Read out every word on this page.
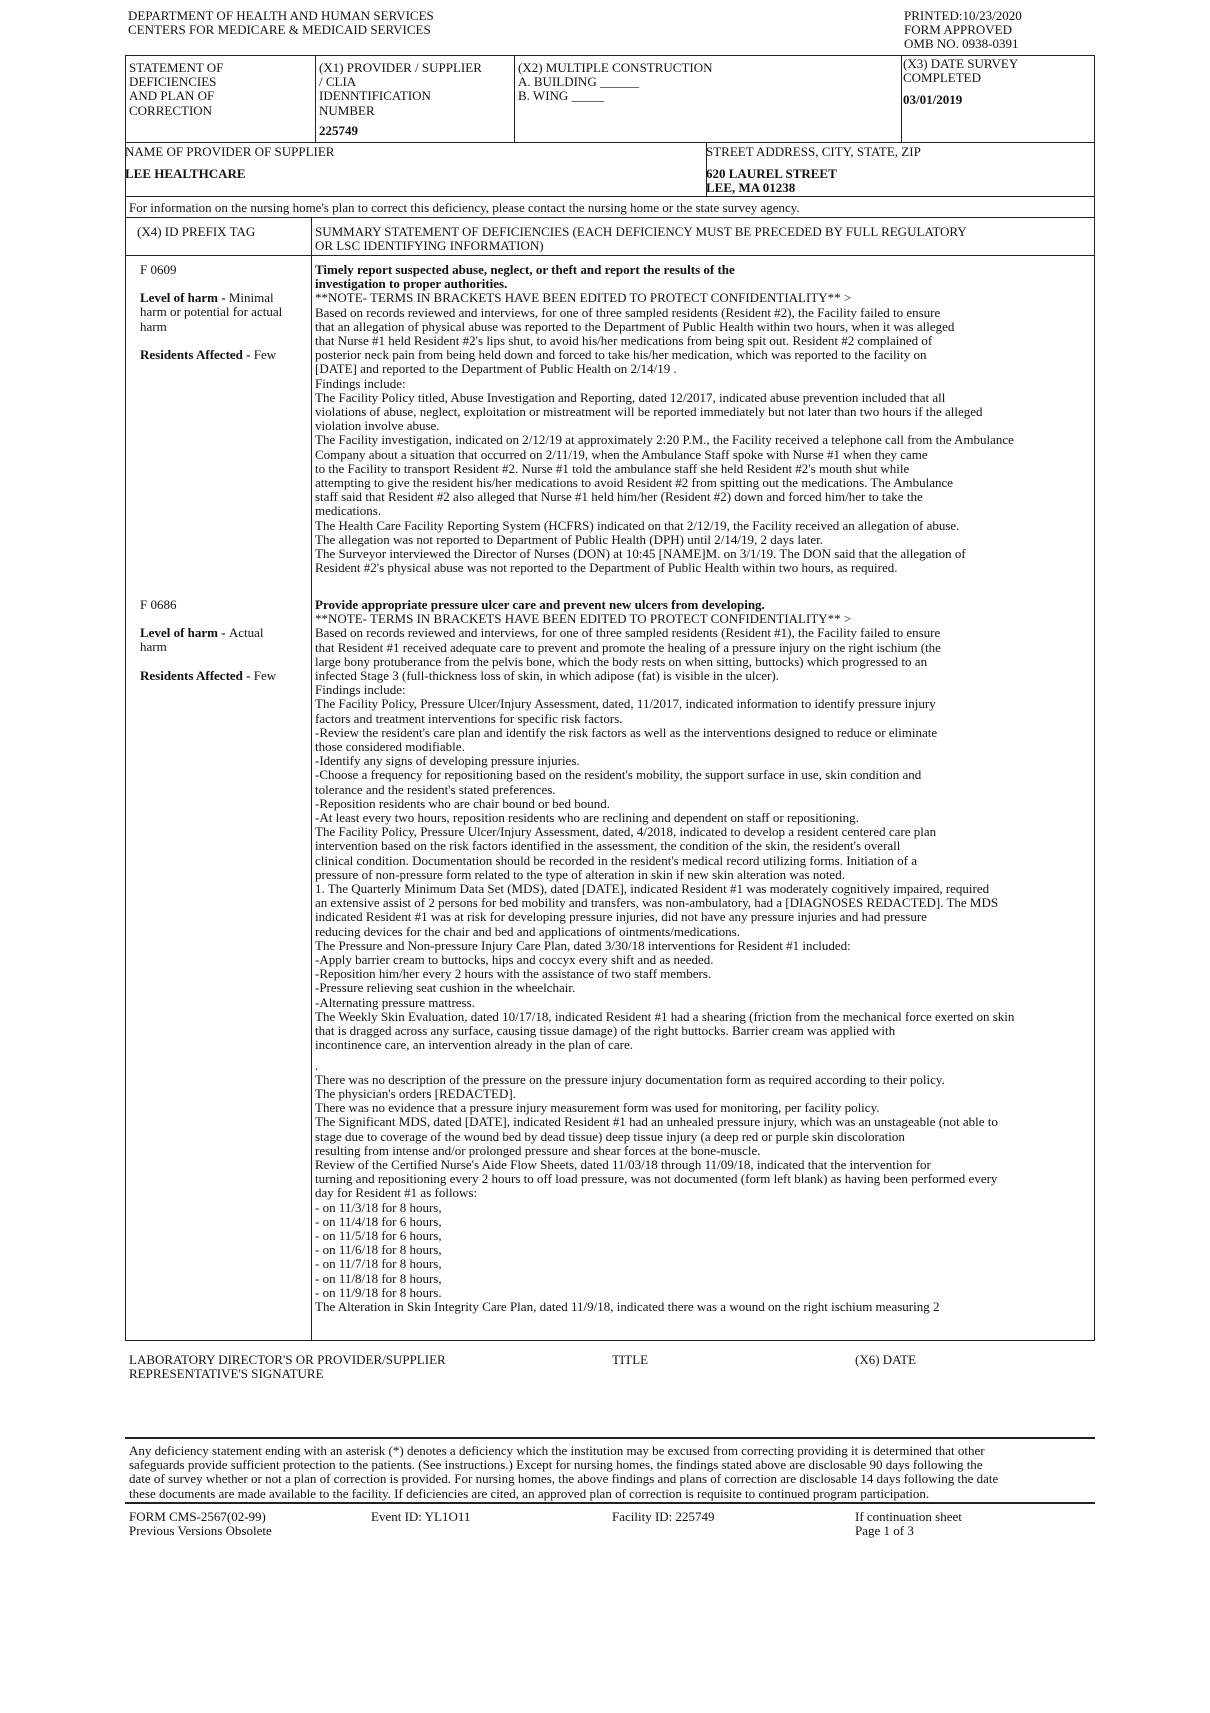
DEPARTMENT OF HEALTH AND HUMAN SERVICES
CENTERS FOR MEDICARE & MEDICAID SERVICES
PRINTED:10/23/2020
FORM APPROVED
OMB NO. 0938-0391
STATEMENT OF
DEFICIENCIES
AND PLAN OF
CORRECTION
(X1) PROVIDER / SUPPLIER
/ CLIA
IDENNTIFICATION
NUMBER
225749
(X2) MULTIPLE CONSTRUCTION
A. BUILDING ______
B. WING _____
(X3) DATE SURVEY
COMPLETED
03/01/2019
NAME OF PROVIDER OF SUPPLIER
LEE HEALTHCARE
STREET ADDRESS, CITY, STATE, ZIP
620 LAUREL STREET
LEE, MA 01238
For information on the nursing home's plan to correct this deficiency, please contact the nursing home or the state survey agency.
(X4) ID PREFIX TAG	SUMMARY STATEMENT OF DEFICIENCIES (EACH DEFICIENCY MUST BE PRECEDED BY FULL REGULATORY
OR LSC IDENTIFYING INFORMATION)
F 0609
Level of harm - Minimal
harm or potential for actual
harm
Residents Affected - Few
Timely report suspected abuse, neglect, or theft and report the results of the
investigation to proper authorities.
**NOTE- TERMS IN BRACKETS HAVE BEEN EDITED TO PROTECT CONFIDENTIALITY** >
Based on records reviewed and interviews, for one of three sampled residents (Resident #2), the Facility failed to ensure
that an allegation of physical abuse was reported to the Department of Public Health within two hours, when it was alleged
that Nurse #1 held Resident #2's lips shut, to avoid his/her medications from being spit out. Resident #2 complained of
posterior neck pain from being held down and forced to take his/her medication, which was reported to the facility on
[DATE] and reported to the Department of Public Health on 2/14/19 .
Findings include:
The Facility Policy titled, Abuse Investigation and Reporting, dated 12/2017, indicated abuse prevention included that all
violations of abuse, neglect, exploitation or mistreatment will be reported immediately but not later than two hours if the alleged
violation involve abuse.
The Facility investigation, indicated on 2/12/19 at approximately 2:20 P.M., the Facility received a telephone call from the Ambulance
Company about a situation that occurred on 2/11/19, when the Ambulance Staff spoke with Nurse #1 when they came
to the Facility to transport Resident #2. Nurse #1 told the ambulance staff she held Resident #2's mouth shut while
attempting to give the resident his/her medications to avoid Resident #2 from spitting out the medications. The Ambulance
staff said that Resident #2 also alleged that Nurse #1 held him/her (Resident #2) down and forced him/her to take the
medications.
The Health Care Facility Reporting System (HCFRS) indicated on that 2/12/19, the Facility received an allegation of abuse.
The allegation was not reported to Department of Public Health (DPH) until 2/14/19, 2 days later.
The Surveyor interviewed the Director of Nurses (DON) at 10:45 [NAME]M. on 3/1/19. The DON said that the allegation of
Resident #2's physical abuse was not reported to the Department of Public Health within two hours, as required.
F 0686
Level of harm - Actual
harm
Residents Affected - Few
Provide appropriate pressure ulcer care and prevent new ulcers from developing.
**NOTE- TERMS IN BRACKETS HAVE BEEN EDITED TO PROTECT CONFIDENTIALITY** >
Based on records reviewed and interviews, for one of three sampled residents (Resident #1), the Facility failed to ensure
that Resident #1 received adequate care to prevent and promote the healing of a pressure injury on the right ischium (the
large bony protuberance from the pelvis bone, which the body rests on when sitting, buttocks) which progressed to an
infected Stage 3 (full-thickness loss of skin, in which adipose (fat) is visible in the ulcer).
Findings include:
The Facility Policy, Pressure Ulcer/Injury Assessment, dated, 11/2017, indicated information to identify pressure injury
factors and treatment interventions for specific risk factors.
-Review the resident's care plan and identify the risk factors as well as the interventions designed to reduce or eliminate
those considered modifiable.
-Identify any signs of developing pressure injuries.
-Choose a frequency for repositioning based on the resident's mobility, the support surface in use, skin condition and
tolerance and the resident's stated preferences.
-Reposition residents who are chair bound or bed bound.
-At least every two hours, reposition residents who are reclining and dependent on staff or repositioning.
The Facility Policy, Pressure Ulcer/Injury Assessment, dated, 4/2018, indicated to develop a resident centered care plan
intervention based on the risk factors identified in the assessment, the condition of the skin, the resident's overall
clinical condition. Documentation should be recorded in the resident's medical record utilizing forms. Initiation of a
pressure of non-pressure form related to the type of alteration in skin if new skin alteration was noted.
1. The Quarterly Minimum Data Set (MDS), dated [DATE], indicated Resident #1 was moderately cognitively impaired, required
an extensive assist of 2 persons for bed mobility and transfers, was non-ambulatory, had a [DIAGNOSES REDACTED]. The MDS
indicated Resident #1 was at risk for developing pressure injuries, did not have any pressure injuries and had pressure
reducing devices for the chair and bed and applications of ointments/medications.
The Pressure and Non-pressure Injury Care Plan, dated 3/30/18 interventions for Resident #1 included:
-Apply barrier cream to buttocks, hips and coccyx every shift and as needed.
-Reposition him/her every 2 hours with the assistance of two staff members.
-Pressure relieving seat cushion in the wheelchair.
-Alternating pressure mattress.
The Weekly Skin Evaluation, dated 10/17/18, indicated Resident #1 had a shearing (friction from the mechanical force exerted on skin
that is dragged across any surface, causing tissue damage) of the right buttocks. Barrier cream was applied with
incontinence care, an intervention already in the plan of care.
.
There was no description of the pressure on the pressure injury documentation form as required according to their policy.
The physician's orders [REDACTED].
There was no evidence that a pressure injury measurement form was used for monitoring, per facility policy.
The Significant MDS, dated [DATE], indicated Resident #1 had an unhealed pressure injury, which was an unstageable (not able to
stage due to coverage of the wound bed by dead tissue) deep tissue injury (a deep red or purple skin discoloration
resulting from intense and/or prolonged pressure and shear forces at the bone-muscle.
Review of the Certified Nurse's Aide Flow Sheets, dated 11/03/18 through 11/09/18, indicated that the intervention for
turning and repositioning every 2 hours to off load pressure, was not documented (form left blank) as having been performed every
day for Resident #1 as follows:
- on 11/3/18 for 8 hours,
- on 11/4/18 for 6 hours,
- on 11/5/18 for 6 hours,
- on 11/6/18 for 8 hours,
- on 11/7/18 for 8 hours,
- on 11/8/18 for 8 hours,
- on 11/9/18 for 8 hours.
The Alteration in Skin Integrity Care Plan, dated 11/9/18, indicated there was a wound on the right ischium measuring 2
LABORATORY DIRECTOR'S OR PROVIDER/SUPPLIER
REPRESENTATIVE'S SIGNATURE
TITLE	(X6) DATE
Any deficiency statement ending with an asterisk (*) denotes a deficiency which the institution may be excused from correcting providing it is determined that other
safeguards provide sufficient protection to the patients. (See instructions.) Except for nursing homes, the findings stated above are disclosable 90 days following the
date of survey whether or not a plan of correction is provided. For nursing homes, the above findings and plans of correction are disclosable 14 days following the date
these documents are made available to the facility. If deficiencies are cited, an approved plan of correction is requisite to continued program participation.
FORM CMS-2567(02-99)
Previous Versions Obsolete
Event ID: YL1O11	Facility ID: 225749	If continuation sheet
Page 1 of 3
